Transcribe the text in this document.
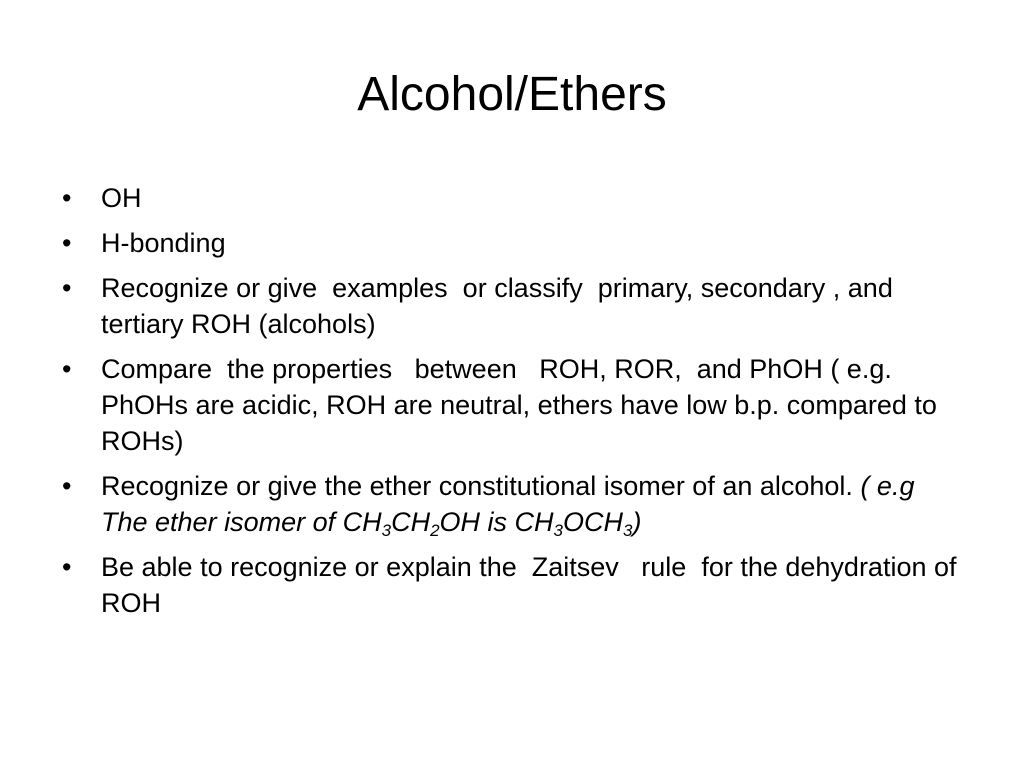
Alcohol/Ethers
•	OH
•	H-bonding
•	Recognize or give  examples  or classify  primary, secondary , and  tertiary ROH (alcohols)
•	Compare  the properties   between   ROH, ROR,  and PhOH ( e.g. PhOHs are acidic, ROH are neutral, ethers have low b.p. compared to ROHs)
•	Recognize or give the ether constitutional isomer of an alcohol. ( e.g  The ether isomer of $CH_3CH_2OH$ is $CH_3OCH_3$)
•	Be able to recognize or explain the  Zaitsev   rule  for the dehydration of ROH
